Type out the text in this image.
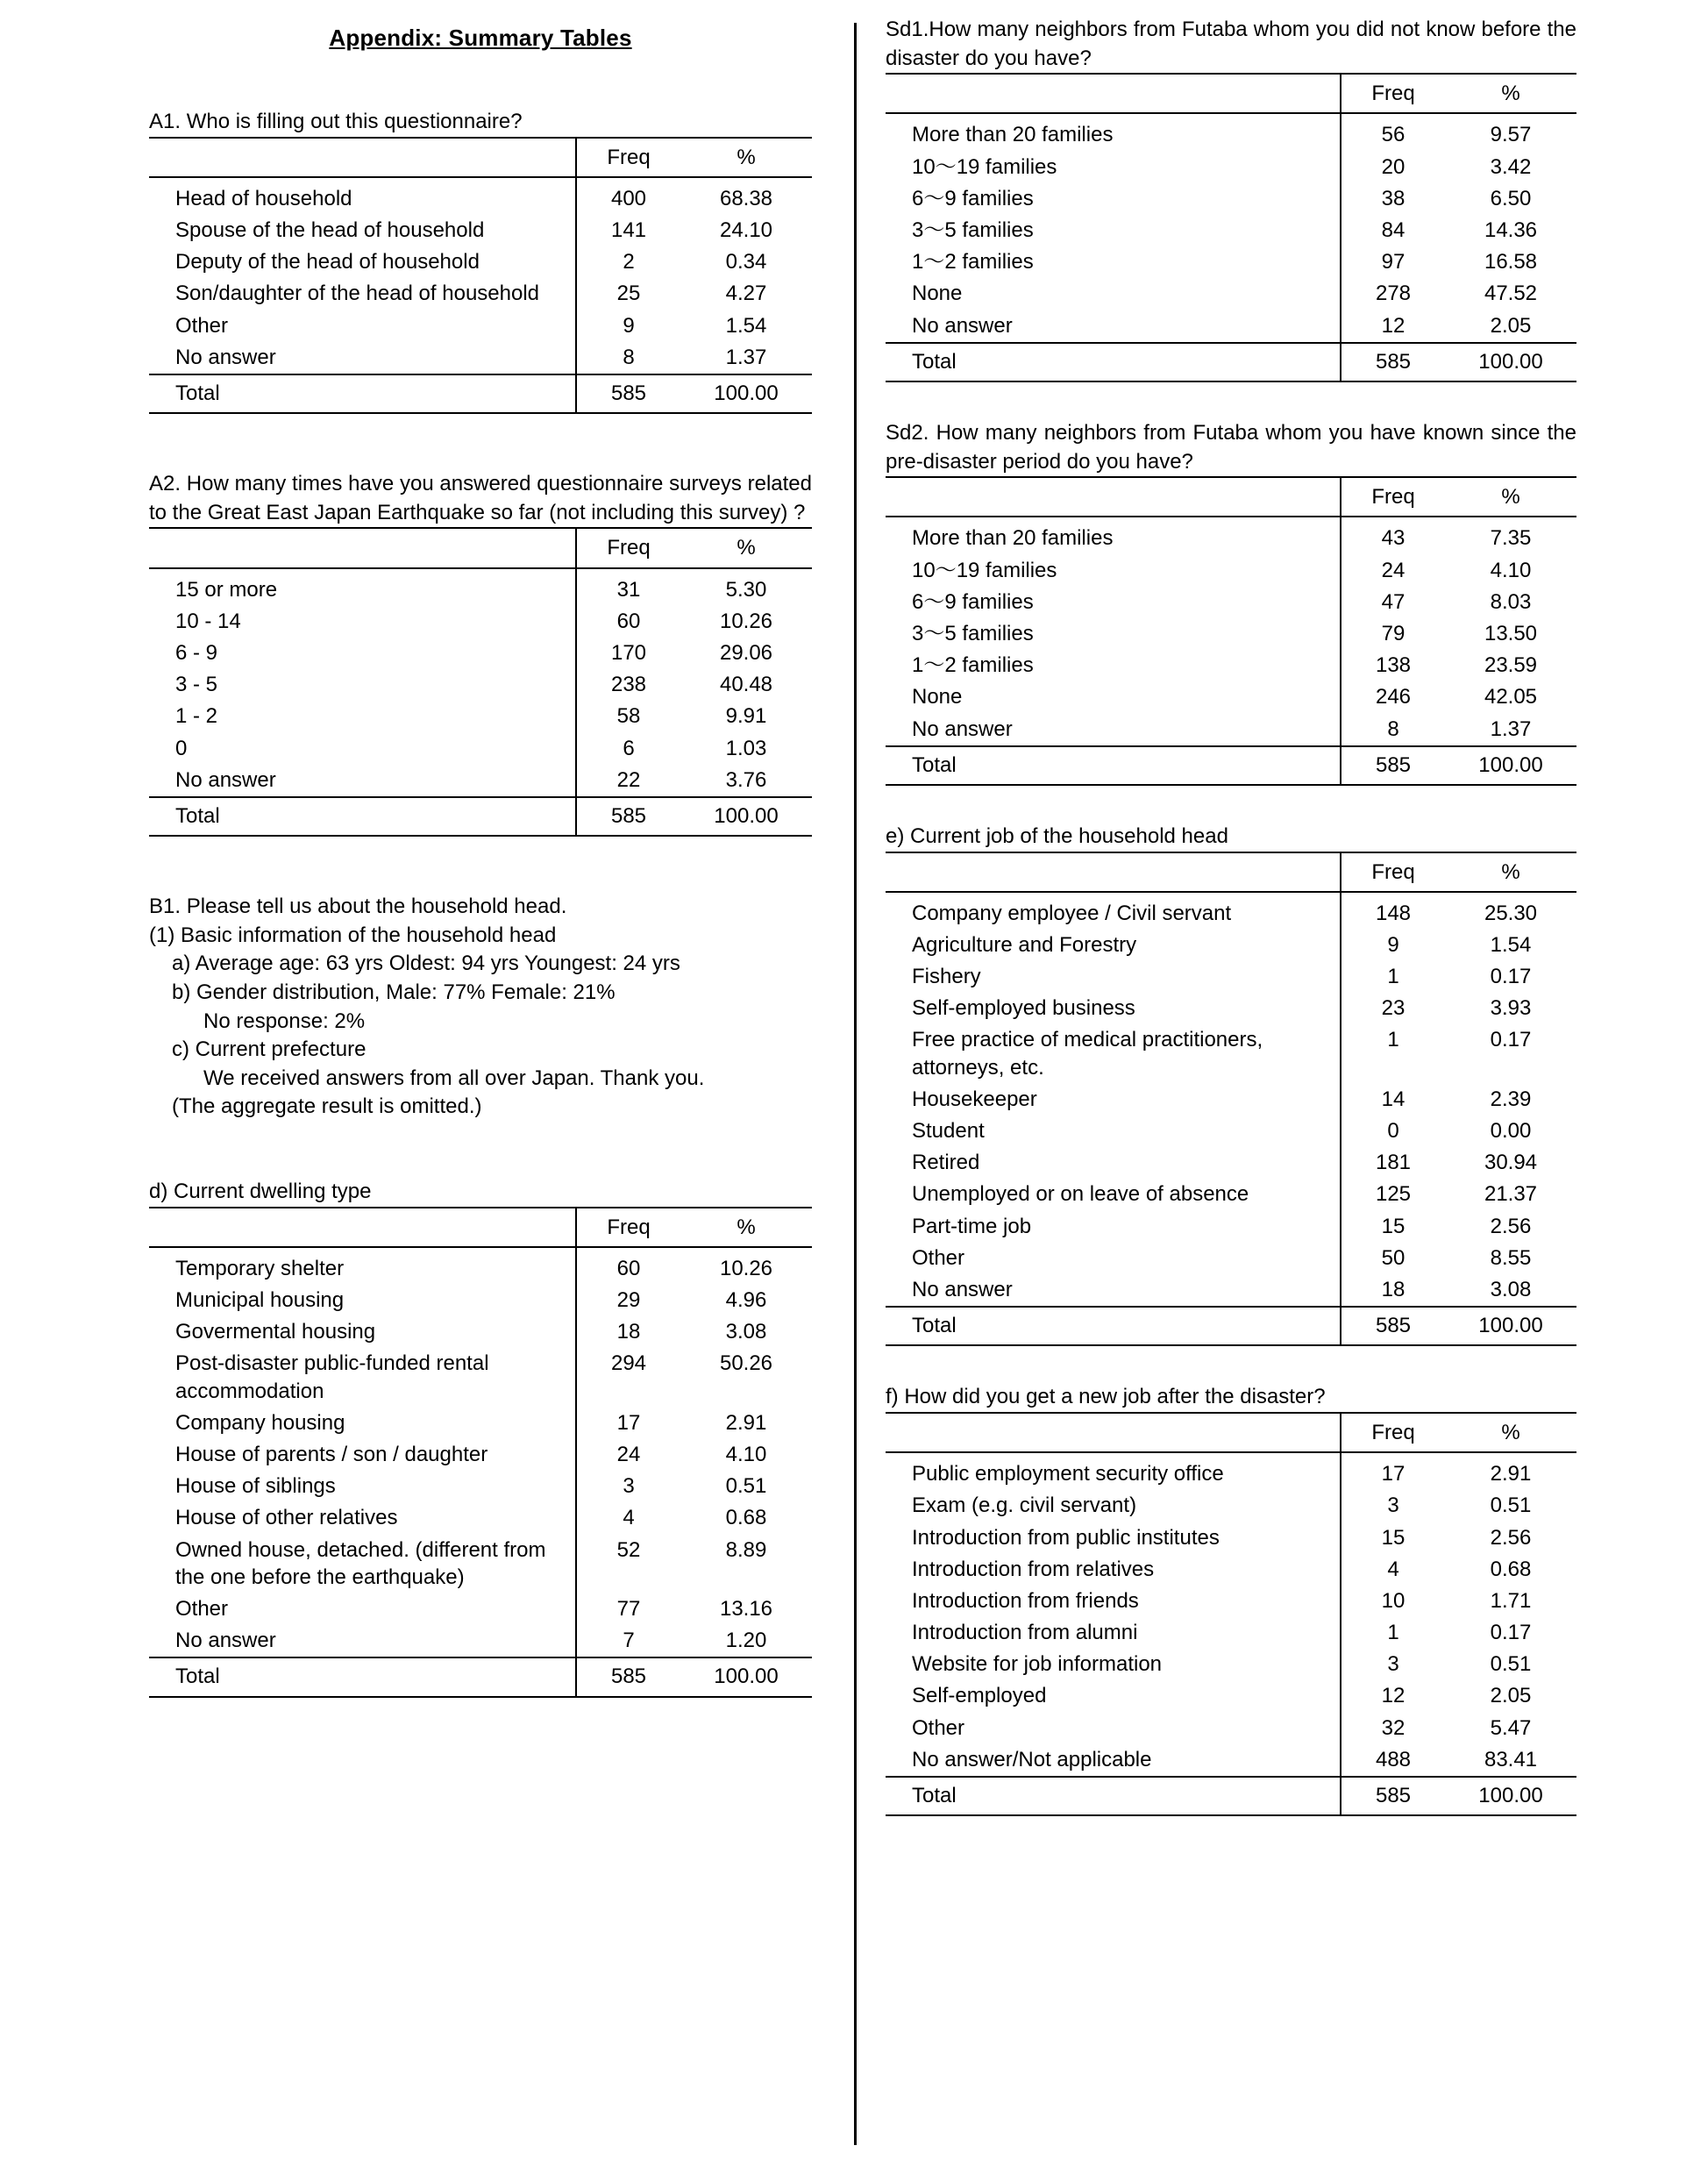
Appendix: Summary Tables

A1. Who is filling out this questionnaire?

	Freq	%
Head of household	400	68.38
Spouse of the head of household	141	24.10
Deputy of the head of household	2	0.34
Son/daughter of the head of household	25	4.27
Other	9	1.54
No answer	8	1.37
Total	585	100.00

A2. How many times have you answered questionnaire surveys related to the Great East Japan Earthquake so far (not including this survey) ?

	Freq	%
15 or more	31	5.30
10 - 14	60	10.26
6 - 9	170	29.06
3 - 5	238	40.48
1 - 2	58	9.91
0	6	1.03
No answer	22	3.76
Total	585	100.00
B1. Please tell us about the household head.
(1) Basic information of the household head
a) Average age: 63 yrs Oldest: 94 yrs Youngest: 24 yrs
b) Gender distribution, Male: 77% Female: 21%
No response: 2%
c) Current prefecture
We received answers from all over Japan. Thank you.
(The aggregate result is omitted.)

d) Current dwelling type

	Freq	%
Temporary shelter	60	10.26
Municipal housing	29	4.96
Govermental housing	18	3.08
Post-disaster public-funded rental accommodation	294	50.26
Company housing	17	2.91
House of parents / son / daughter	24	4.10
House of siblings	3	0.51
House of other relatives	4	0.68
Owned house, detached. (different from the one before the earthquake)	52	8.89
Other	77	13.16
No answer	7	1.20
Total	585	100.00

Sd1.How many neighbors from Futaba whom you did not know before the disaster do you have?

	Freq	%
More than 20 families	56	9.57
10～19 families	20	3.42
6～9 families	38	6.50
3～5 families	84	14.36
1～2 families	97	16.58
None	278	47.52
No answer	12	2.05
Total	585	100.00

Sd2. How many neighbors from Futaba whom you have known since the pre-disaster period do you have?

	Freq	%
More than 20 families	43	7.35
10～19 families	24	4.10
6～9 families	47	8.03
3～5 families	79	13.50
1～2 families	138	23.59
None	246	42.05
No answer	8	1.37
Total	585	100.00

e) Current job of the household head

	Freq	%
Company employee / Civil servant	148	25.30
Agriculture and Forestry	9	1.54
Fishery	1	0.17
Self-employed business	23	3.93
Free practice of medical practitioners, attorneys, etc.	1	0.17
Housekeeper	14	2.39
Student	0	0.00
Retired	181	30.94
Unemployed or on leave of absence	125	21.37
Part-time job	15	2.56
Other	50	8.55
No answer	18	3.08
Total	585	100.00

f) How did you get a new job after the disaster?

	Freq	%
Public employment security office	17	2.91
Exam (e.g. civil servant)	3	0.51
Introduction from public institutes	15	2.56
Introduction from relatives	4	0.68
Introduction from friends	10	1.71
Introduction from alumni	1	0.17
Website for job information	3	0.51
Self-employed	12	2.05
Other	32	5.47
No answer/Not applicable	488	83.41
Total	585	100.00
